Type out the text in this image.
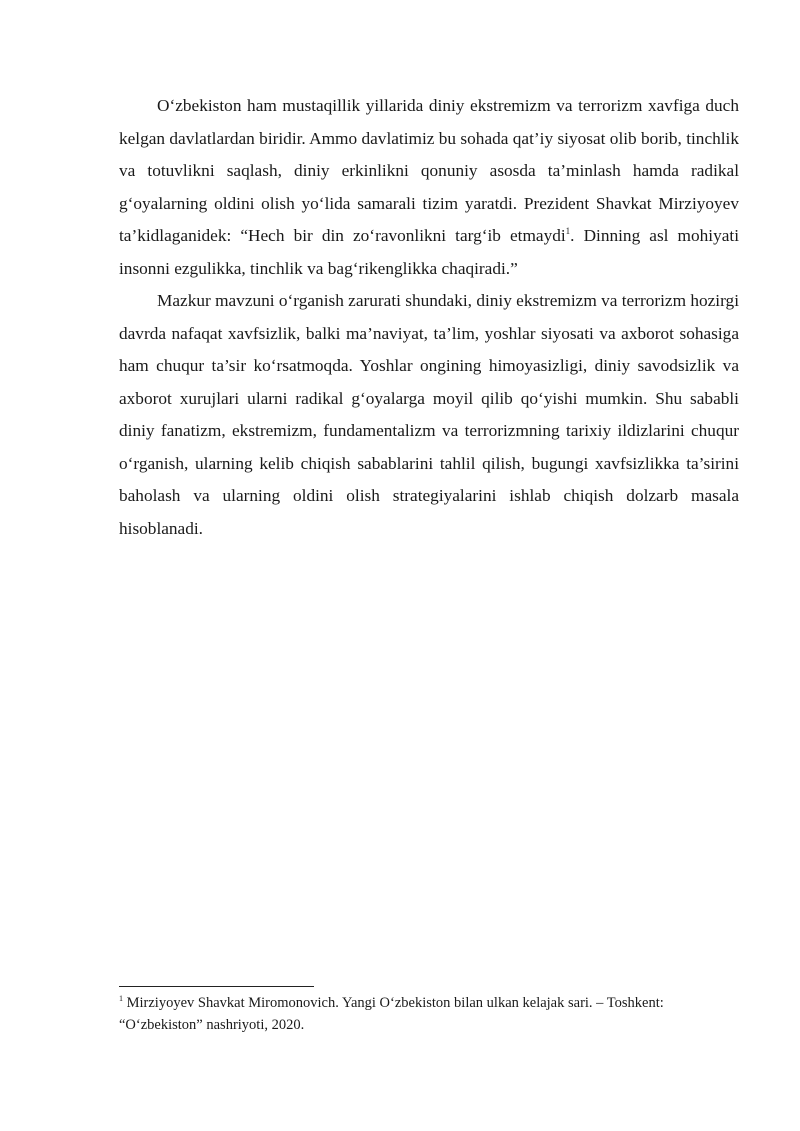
O‘zbekiston ham mustaqillik yillarida diniy ekstremizm va terrorizm xavfiga duch kelgan davlatlardan biridir. Ammo davlatimiz bu sohada qat’iy siyosat olib borib, tinchlik va totuvlikni saqlash, diniy erkinlikni qonuniy asosda ta’minlash hamda radikal g‘oyalarning oldini olish yo‘lida samarali tizim yaratdi. Prezident Shavkat Mirziyoyev ta’kidlaganidek: “Hech bir din zo‘ravonlikni targ‘ib etmaydi$^1$. Dinning asl mohiyati insonni ezgulikka, tinchlik va bag‘rikenglikka chaqiradi.”

Mazkur mavzuni o‘rganish zarurati shundaki, diniy ekstremizm va terrorizm hozirgi davrda nafaqat xavfsizlik, balki ma’naviyat, ta’lim, yoshlar siyosati va axborot sohasiga ham chuqur ta’sir ko‘rsatmoqda. Yoshlar ongining himoyasizligi, diniy savodsizlik va axborot xurujlari ularni radikal g‘oyalarga moyil qilib qo‘yishi mumkin. Shu sababli diniy fanatizm, ekstremizm, fundamentalizm va terrorizmning tarixiy ildizlarini chuqur o‘rganish, ularning kelib chiqish sabablarini tahlil qilish, bugungi xavfsizlikka ta’sirini baholash va ularning oldini olish strategiyalarini ishlab chiqish dolzarb masala hisoblanadi.

$^1$ Mirziyoyev Shavkat Miromonovich. Yangi O‘zbekiston bilan ulkan kelajak sari. – Toshkent: “O‘zbekiston” nashriyoti, 2020.
